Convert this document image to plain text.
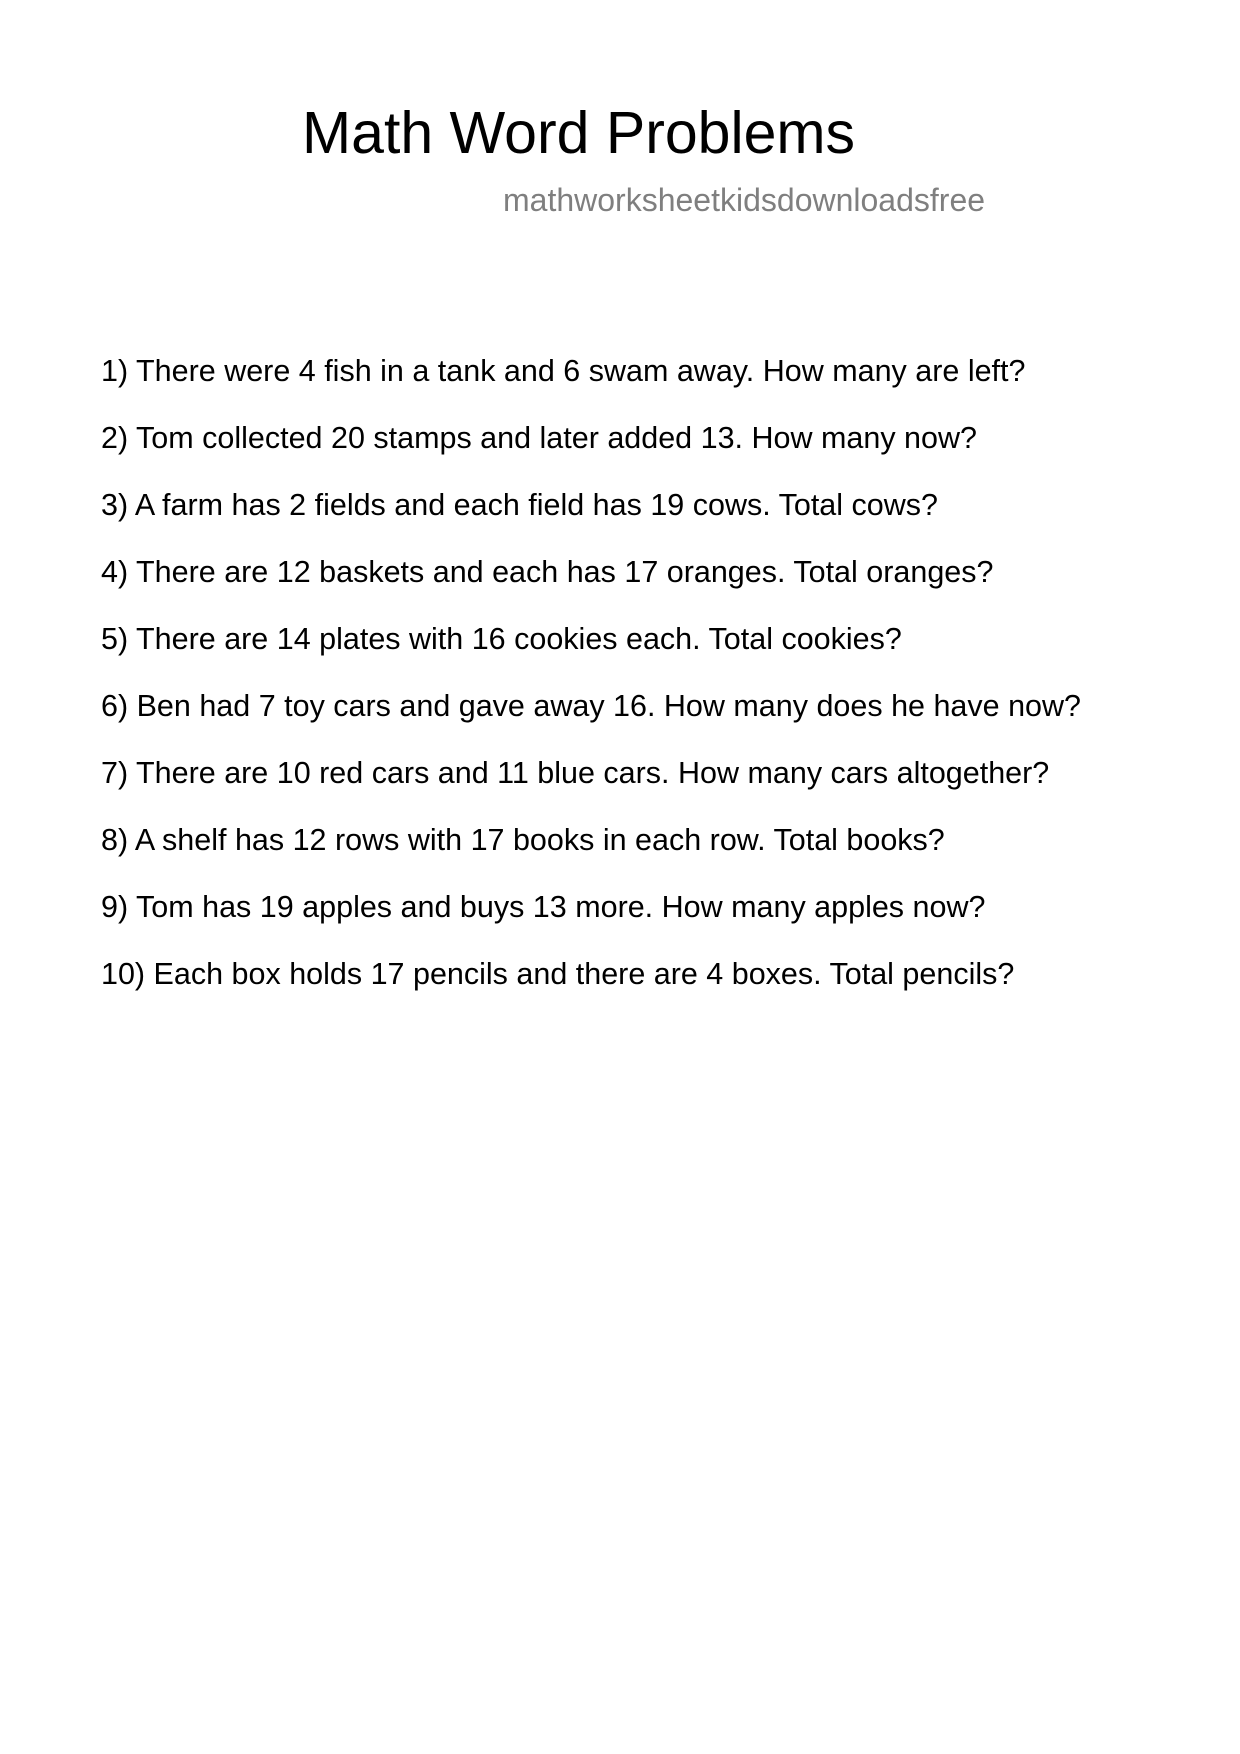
Math Word Problems
mathworksheetkidsdownloadsfree
1) There were 4 fish in a tank and 6 swam away. How many are left?
2) Tom collected 20 stamps and later added 13. How many now?
3) A farm has 2 fields and each field has 19 cows. Total cows?
4) There are 12 baskets and each has 17 oranges. Total oranges?
5) There are 14 plates with 16 cookies each. Total cookies?
6) Ben had 7 toy cars and gave away 16. How many does he have now?
7) There are 10 red cars and 11 blue cars. How many cars altogether?
8) A shelf has 12 rows with 17 books in each row. Total books?
9) Tom has 19 apples and buys 13 more. How many apples now?
10) Each box holds 17 pencils and there are 4 boxes. Total pencils?
